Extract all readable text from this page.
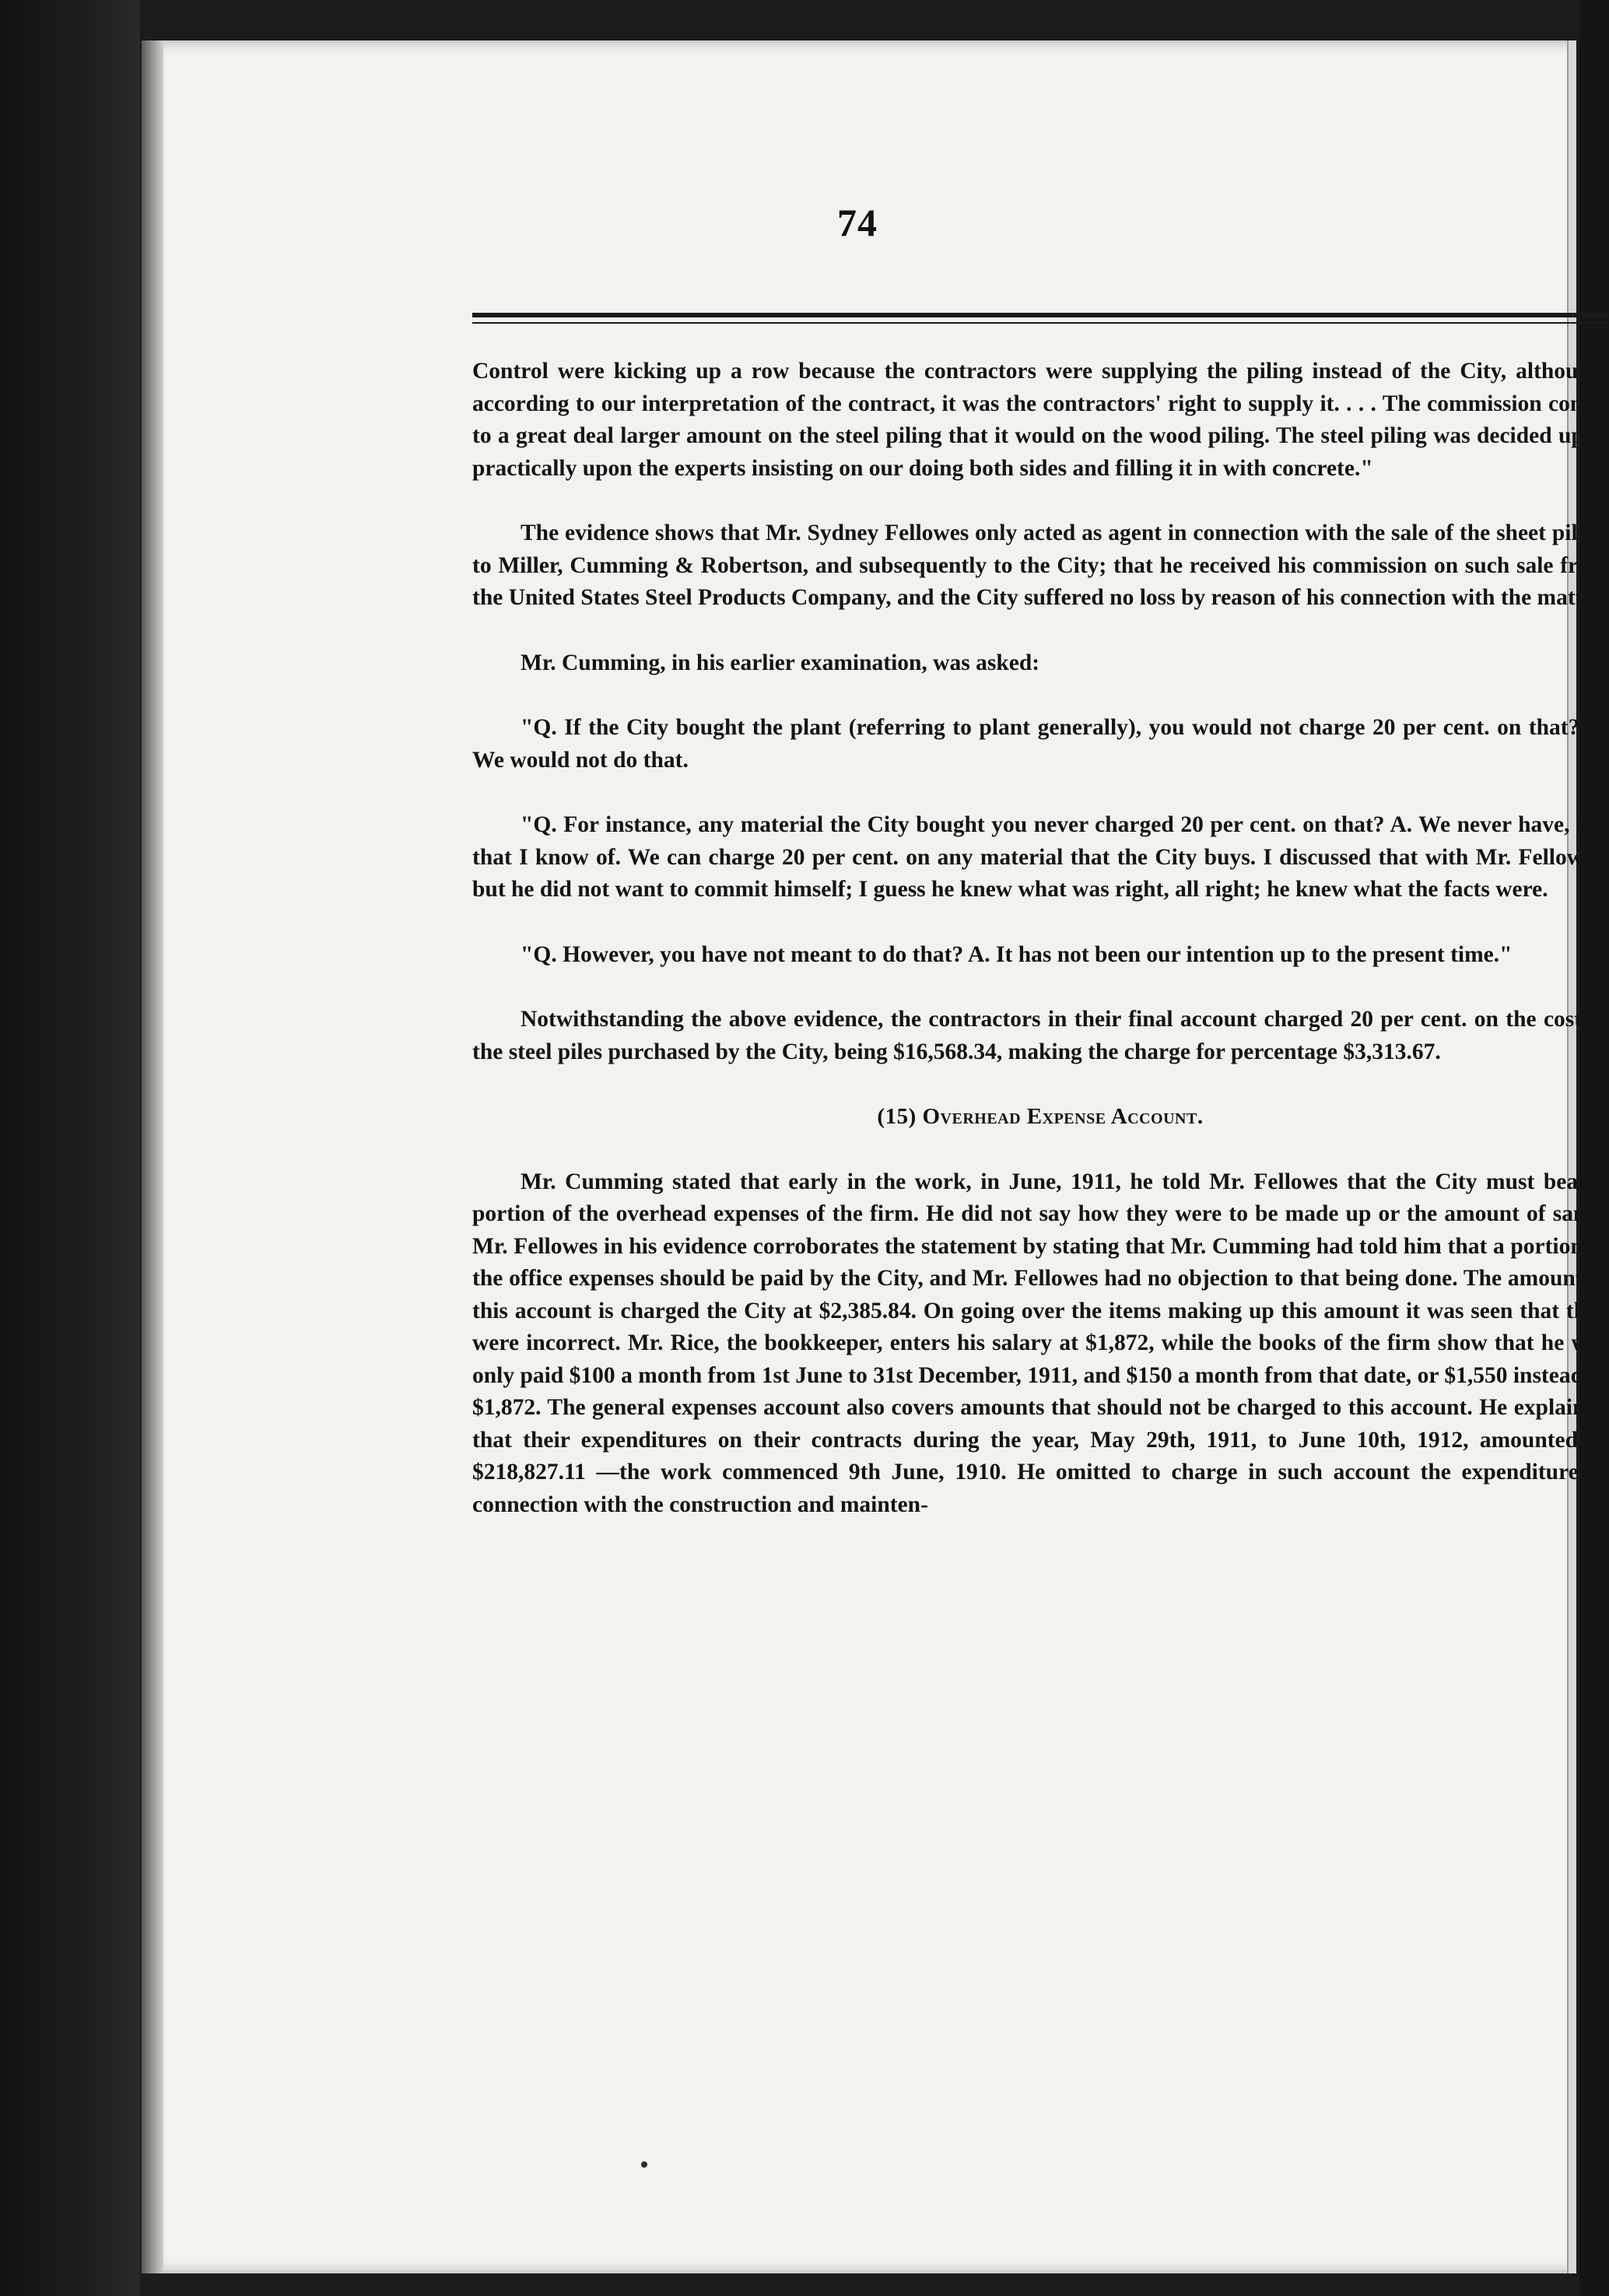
74

Control were kicking up a row because the contractors were supplying the piling instead of the City, although, according to our interpretation of the contract, it was the contractors' right to supply it. . . . The commission comes to a great deal larger amount on the steel piling that it would on the wood piling. The steel piling was decided upon practically upon the experts insisting on our doing both sides and filling it in with concrete."

The evidence shows that Mr. Sydney Fellowes only acted as agent in connection with the sale of the sheet piling to Miller, Cumming & Robertson, and subsequently to the City; that he received his commission on such sale from the United States Steel Products Company, and the City suffered no loss by reason of his connection with the matter.

Mr. Cumming, in his earlier examination, was asked:

"Q. If the City bought the plant (referring to plant generally), you would not charge 20 per cent. on that? A. We would not do that.

"Q. For instance, any material the City bought you never charged 20 per cent. on that? A. We never have, not that I know of. We can charge 20 per cent. on any material that the City buys. I discussed that with Mr. Fellowes, but he did not want to commit himself; I guess he knew what was right, all right; he knew what the facts were.

"Q. However, you have not meant to do that? A. It has not been our intention up to the present time."

Notwithstanding the above evidence, the contractors in their final account charged 20 per cent. on the cost of the steel piles purchased by the City, being $16,568.34, making the charge for percentage $3,313.67.

(15) Overhead Expense Account.

Mr. Cumming stated that early in the work, in June, 1911, he told Mr. Fellowes that the City must bear a portion of the overhead expenses of the firm. He did not say how they were to be made up or the amount of same. Mr. Fellowes in his evidence corroborates the statement by stating that Mr. Cumming had told him that a portion of the office expenses should be paid by the City, and Mr. Fellowes had no objection to that being done. The amount of this account is charged the City at $2,385.84. On going over the items making up this amount it was seen that they were incorrect. Mr. Rice, the bookkeeper, enters his salary at $1,872, while the books of the firm show that he was only paid $100 a month from 1st June to 31st December, 1911, and $150 a month from that date, or $1,550 instead of $1,872. The general expenses account also covers amounts that should not be charged to this account. He explained that their expenditures on their contracts during the year, May 29th, 1911, to June 10th, 1912, amounted to $218,827.11 —the work commenced 9th June, 1910. He omitted to charge in such account the expenditure in connection with the construction and mainten-
